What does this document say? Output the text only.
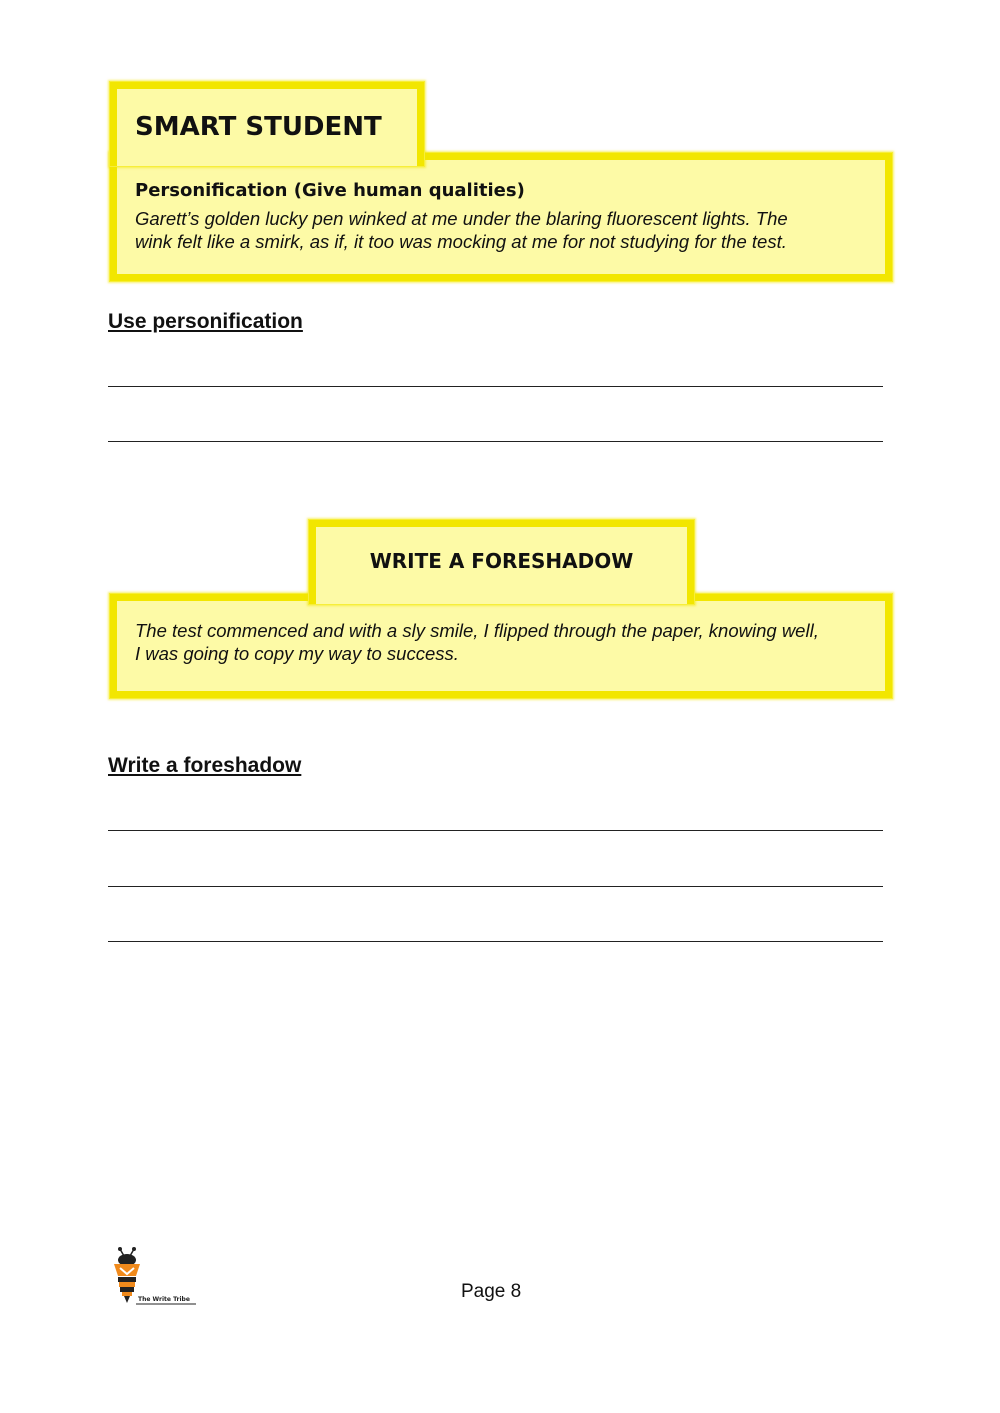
SMART STUDENT
Personification (Give human qualities)
Garett’s golden lucky pen winked at me under the blaring fluorescent lights. The
wink felt like a smirk, as if, it too was mocking at me for not studying for the test.
Use personification
WRITE A FORESHADOW
The test commenced and with a sly smile, I flipped through the paper, knowing well,
I was going to copy my way to success.
Write a foreshadow
The Write Tribe	Page 8
